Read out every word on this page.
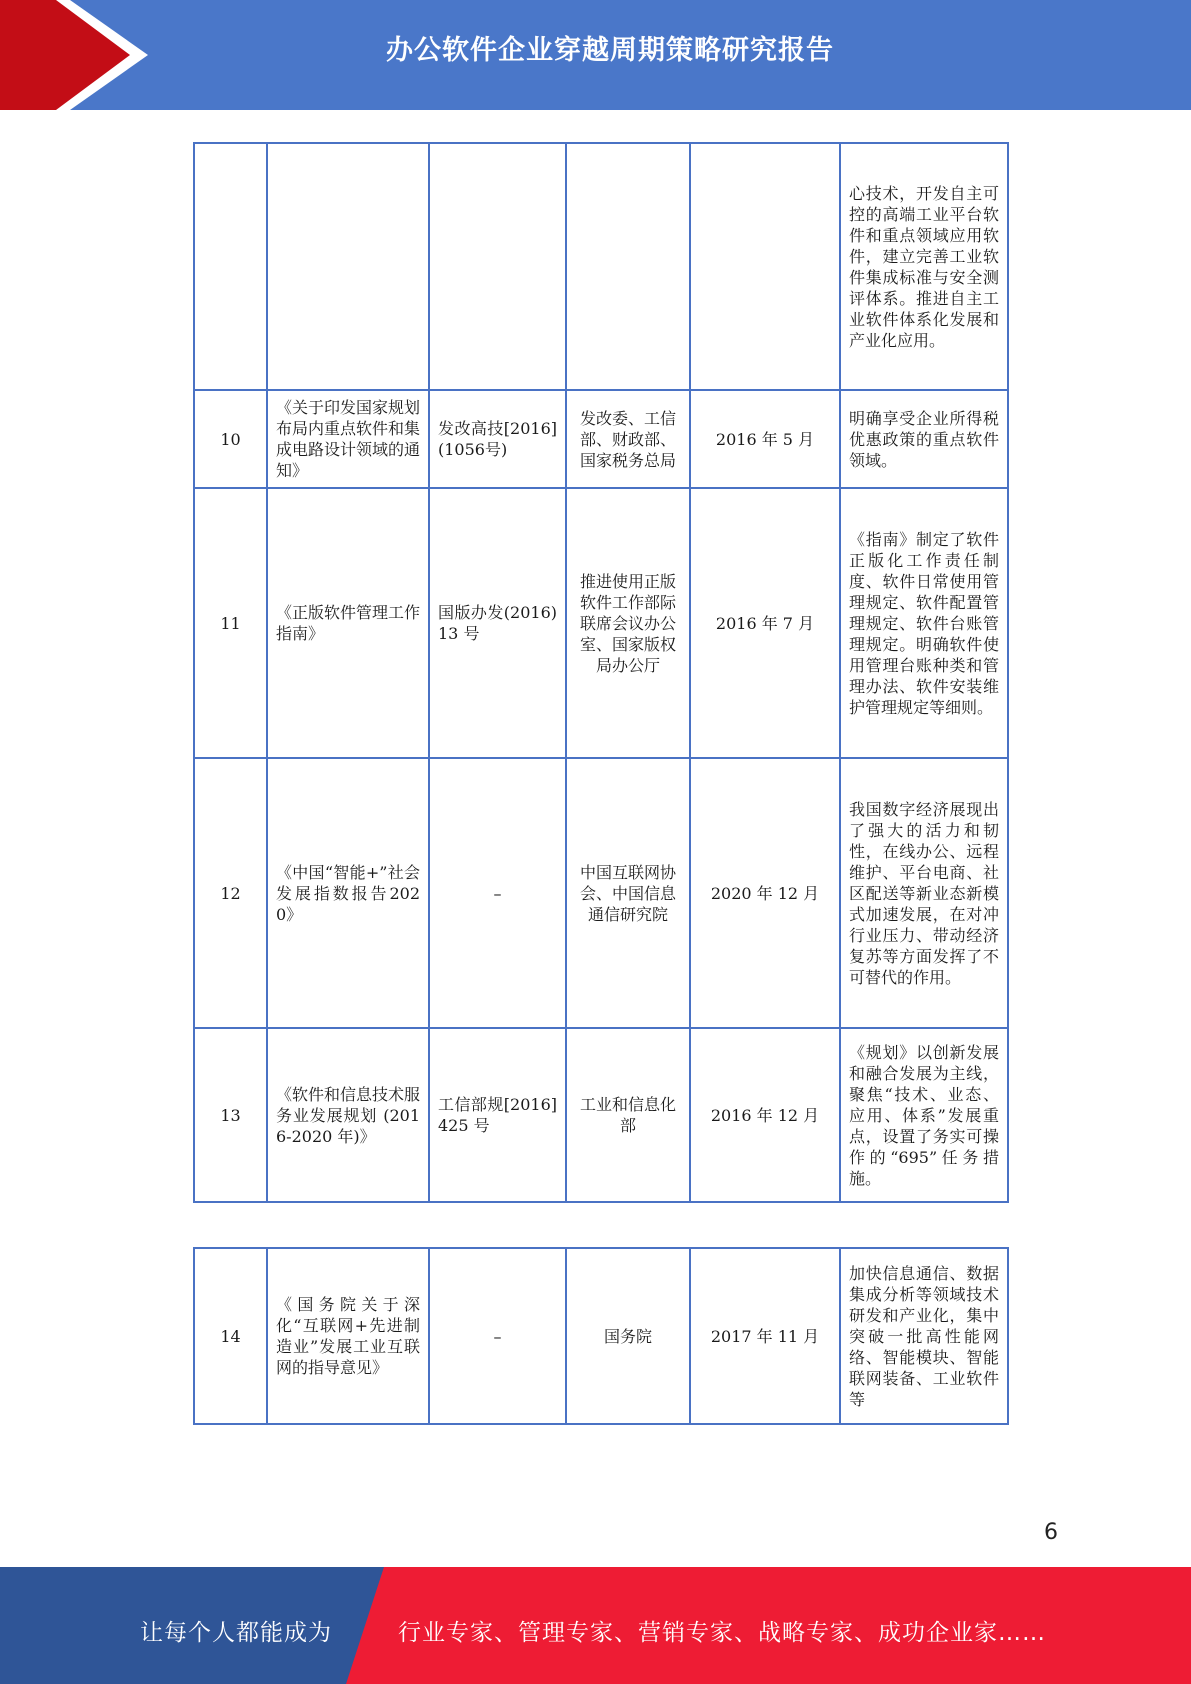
办公软件企业穿越周期策略研究报告
					心技术，开发自主可控的高端工业平台软件和重点领域应用软件，建立完善工业软件集成标准与安全测评体系。推进自主工业软件体系化发展和产业化应用。
10	《关于印发国家规划布局内重点软件和集成电路设计领域的通知》	发改高技[2016](1056号)	发改委、工信部、财政部、国家税务总局	2016 年 5 月	明确享受企业所得税优惠政策的重点软件领域。
11	《正版软件管理工作指南》	国版办发(2016)13 号	推进使用正版软件工作部际联席会议办公室、国家版权局办公厅	2016 年 7 月	《指南》制定了软件正版化工作责任制度、软件日常使用管理规定、软件配置管理规定、软件台账管理规定。明确软件使用管理台账种类和管理办法、软件安装维护管理规定等细则。
12	《中国“智能+”社会发展指数报告2020》	–	中国互联网协会、中国信息通信研究院	2020 年 12 月	我国数字经济展现出了强大的活力和韧性，在线办公、远程维护、平台电商、社区配送等新业态新模式加速发展，在对冲行业压力、带动经济复苏等方面发挥了不可替代的作用。
13	《软件和信息技术服务业发展规划 (2016-2020 年)》	工信部规[2016]425 号	工业和信息化部	2016 年 12 月	《规划》以创新发展和融合发展为主线，聚焦“技术、业态、应用、体系”发展重点，设置了务实可操作的“695”任务措施。
14	《国务院关于深化“互联网+先进制造业”发展工业互联网的指导意见》	–	国务院	2017 年 11 月	加快信息通信、数据集成分析等领域技术研发和产业化，集中突破一批高性能网络、智能模块、智能联网装备、工业软件等
6
让每个人都能成为	行业专家、管理专家、营销专家、战略专家、成功企业家……
